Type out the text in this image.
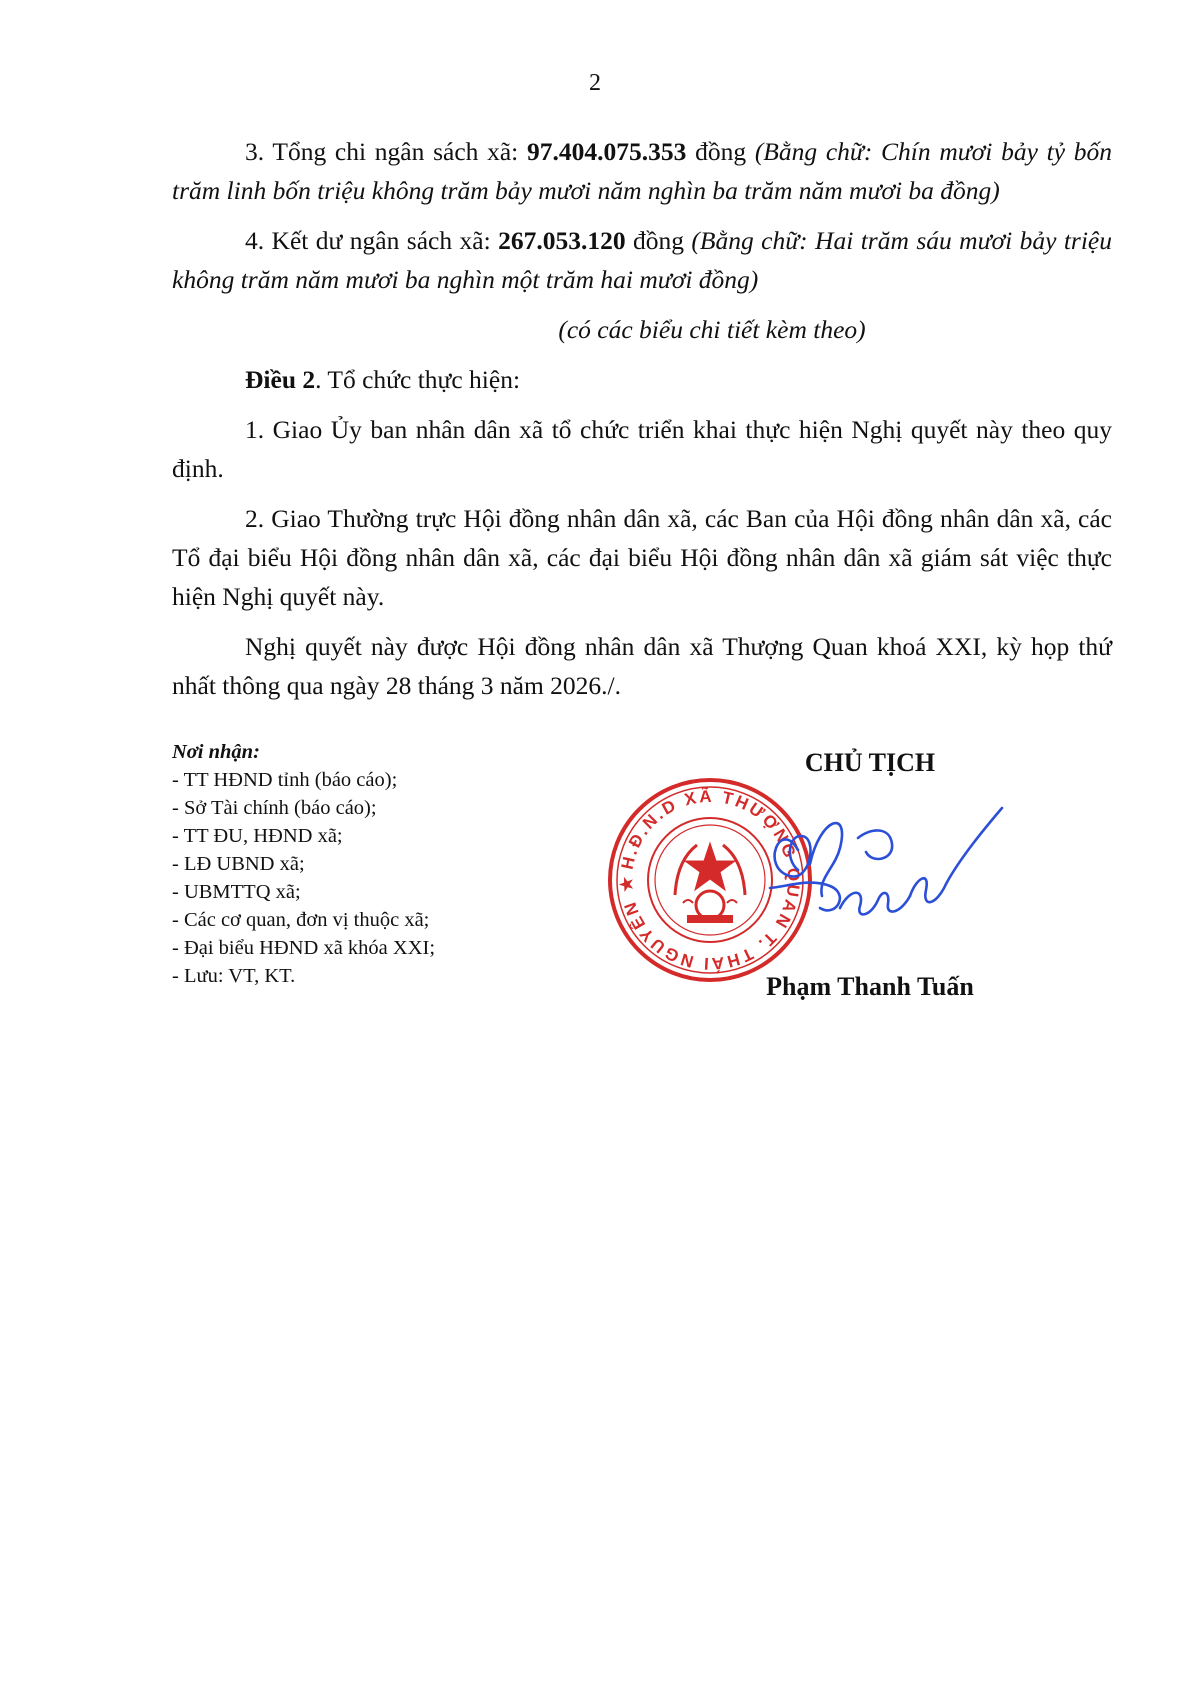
2

3. Tổng chi ngân sách xã: 97.404.075.353 đồng (Bằng chữ: Chín mươi bảy tỷ bốn trăm linh bốn triệu không trăm bảy mươi năm nghìn ba trăm năm mươi ba đồng)

4. Kết dư ngân sách xã: 267.053.120 đồng (Bằng chữ: Hai trăm sáu mươi bảy triệu không trăm năm mươi ba nghìn một trăm hai mươi đồng)

(có các biểu chi tiết kèm theo)

Điều 2. Tổ chức thực hiện:

1. Giao Ủy ban nhân dân xã tổ chức triển khai thực hiện Nghị quyết này theo quy định.

2. Giao Thường trực Hội đồng nhân dân xã, các Ban của Hội đồng nhân dân xã, các Tổ đại biểu Hội đồng nhân dân xã, các đại biểu Hội đồng nhân dân xã giám sát việc thực hiện Nghị quyết này.

Nghị quyết này được Hội đồng nhân dân xã Thượng Quan khoá XXI, kỳ họp thứ nhất thông qua ngày 28 tháng 3 năm 2026./.

Nơi nhận:
- TT HĐND tỉnh (báo cáo);
- Sở Tài chính (báo cáo);
- TT ĐU, HĐND xã;
- LĐ UBND xã;
- UBMTTQ xã;
- Các cơ quan, đơn vị thuộc xã;
- Đại biểu HĐND xã khóa XXI;
- Lưu: VT, KT.
CHỦ TỊCH
H.Đ.N.D XÃ THƯỢNG QUAN T. THÁI NGUYÊN ★
Phạm Thanh Tuấn
